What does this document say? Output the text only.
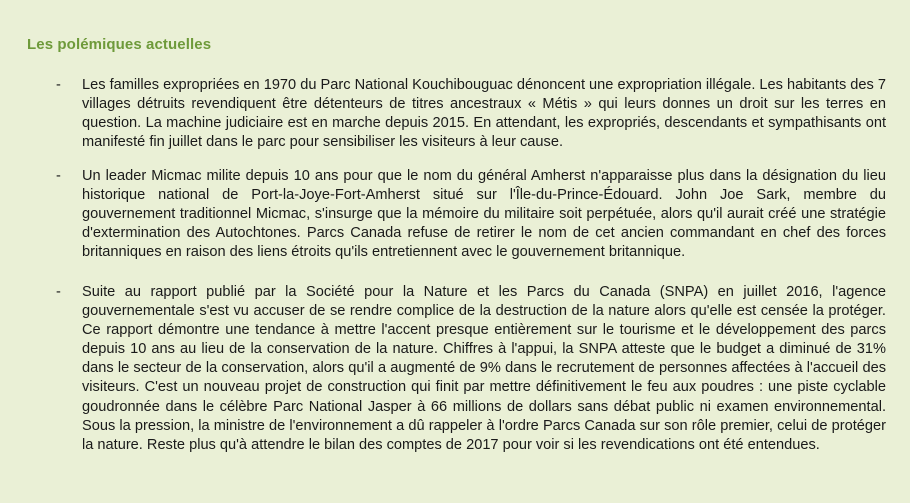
Les polémiques actuelles
- Les familles expropriées en 1970 du Parc National Kouchibouguac dénoncent une expropriation illégale. Les habitants des 7 villages détruits revendiquent être détenteurs de titres ancestraux « Métis » qui leurs donnes un droit sur les terres en question. La machine judiciaire est en marche depuis 2015. En attendant, les expropriés, descendants et sympathisants ont manifesté fin juillet dans le parc pour sensibiliser les visiteurs à leur cause.

- Un leader Micmac milite depuis 10 ans pour que le nom du général Amherst n'apparaisse plus dans la désignation du lieu historique national de Port-la-Joye-Fort-Amherst situé sur l'Île-du-Prince-Édouard. John Joe Sark, membre du gouvernement traditionnel Micmac, s'insurge que la mémoire du militaire soit perpétuée, alors qu'il aurait créé une stratégie d'extermination des Autochtones. Parcs Canada refuse de retirer le nom de cet ancien commandant en chef des forces britanniques en raison des liens étroits qu'ils entretiennent avec le gouvernement britannique.

- Suite au rapport publié par la Société pour la Nature et les Parcs du Canada (SNPA) en juillet 2016, l'agence gouvernementale s'est vu accuser de se rendre complice de la destruction de la nature alors qu'elle est censée la protéger. Ce rapport démontre une tendance à mettre l'accent presque entièrement sur le tourisme et le développement des parcs depuis 10 ans au lieu de la conservation de la nature. Chiffres à l'appui, la SNPA atteste que le budget a diminué de 31% dans le secteur de la conservation, alors qu'il a augmenté de 9% dans le recrutement de personnes affectées à l'accueil des visiteurs. C'est un nouveau projet de construction qui finit par mettre définitivement le feu aux poudres : une piste cyclable goudronnée dans le célèbre Parc National Jasper à 66 millions de dollars sans débat public ni examen environnemental. Sous la pression, la ministre de l'environnement a dû rappeler à l'ordre Parcs Canada sur son rôle premier, celui de protéger la nature. Reste plus qu'à attendre le bilan des comptes de 2017 pour voir si les revendications ont été entendues.
